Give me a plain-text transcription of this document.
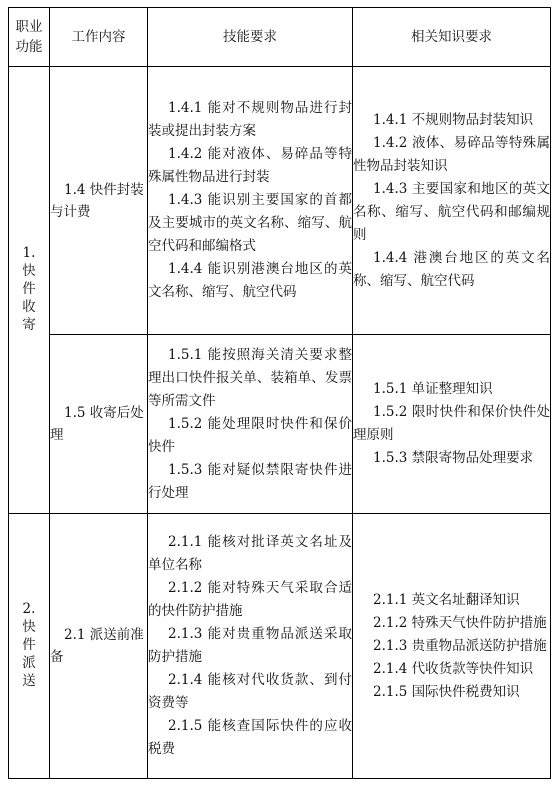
职业功能	工作内容	技能要求	相关知识要求
1.快件收寄	1.4 快件封装与计费	1.4.1 能对不规则物品进行封装或提出封装方案
1.4.2 能对液体、易碎品等特殊属性物品进行封装
1.4.3 能识别主要国家的首都及主要城市的英文名称、缩写、航空代码和邮编格式
1.4.4 能识别港澳台地区的英文名称、缩写、航空代码	1.4.1 不规则物品封装知识
1.4.2 液体、易碎品等特殊属性物品封装知识
1.4.3 主要国家和地区的英文名称、缩写、航空代码和邮编规则
1.4.4 港澳台地区的英文名称、缩写、航空代码

	1.5 收寄后处理	1.5.1 能按照海关清关要求整理出口快件报关单、装箱单、发票等所需文件
1.5.2 能处理限时快件和保价快件
1.5.3 能对疑似禁限寄快件进行处理	1.5.1 单证整理知识
1.5.2 限时快件和保价快件处理原则
1.5.3 禁限寄物品处理要求

2.快件派送	2.1 派送前准备	2.1.1 能核对批译英文名址及单位名称
2.1.2 能对特殊天气采取合适的快件防护措施
2.1.3 能对贵重物品派送采取防护措施
2.1.4 能核对代收货款、到付资费等
2.1.5 能核查国际快件的应收税费	2.1.1 英文名址翻译知识
2.1.2 特殊天气快件防护措施
2.1.3 贵重物品派送防护措施
2.1.4 代收货款等快件知识
2.1.5 国际快件税费知识
